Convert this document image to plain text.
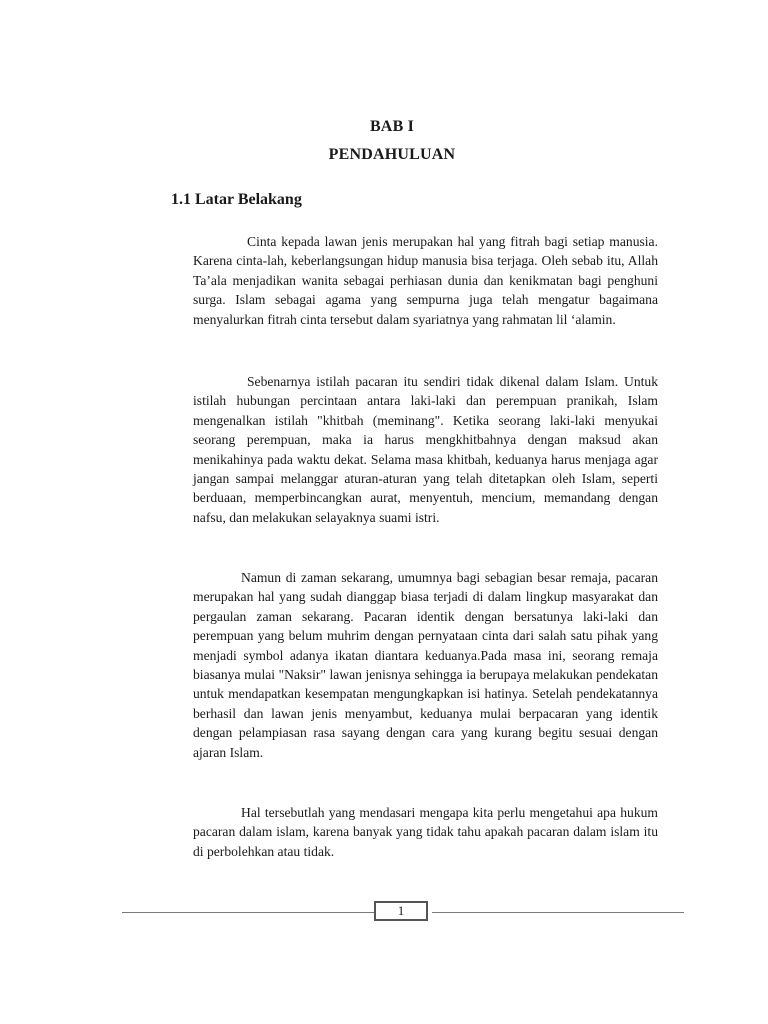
BAB I
PENDAHULUAN
1.1 Latar Belakang

Cinta kepada lawan jenis merupakan hal yang fitrah bagi setiap manusia. Karena cinta-lah, keberlangsungan hidup manusia bisa terjaga. Oleh sebab itu, Allah Ta’ala menjadikan wanita sebagai perhiasan dunia dan kenikmatan bagi penghuni surga. Islam sebagai agama yang sempurna juga telah mengatur bagaimana menyalurkan fitrah cinta tersebut dalam syariatnya yang rahmatan lil ‘alamin.

Sebenarnya istilah pacaran itu sendiri tidak dikenal dalam Islam. Untuk istilah hubungan percintaan antara laki-laki dan perempuan pranikah, Islam mengenalkan istilah "khitbah (meminang". Ketika seorang laki-laki menyukai seorang perempuan, maka ia harus mengkhitbahnya dengan maksud akan menikahinya pada waktu dekat. Selama masa khitbah, keduanya harus menjaga agar jangan sampai melanggar aturan-aturan yang telah ditetapkan oleh Islam, seperti berduaan, memperbincangkan aurat, menyentuh, mencium, memandang dengan nafsu, dan melakukan selayaknya suami istri.

Namun di zaman sekarang, umumnya bagi sebagian besar remaja, pacaran merupakan hal yang sudah dianggap biasa terjadi di dalam lingkup masyarakat dan pergaulan zaman sekarang. Pacaran identik dengan bersatunya laki-laki dan perempuan yang belum muhrim dengan pernyataan cinta dari salah satu pihak yang menjadi symbol adanya ikatan diantara keduanya.Pada masa ini, seorang remaja biasanya mulai "Naksir" lawan jenisnya sehingga ia berupaya melakukan pendekatan untuk mendapatkan kesempatan mengungkapkan isi hatinya. Setelah pendekatannya berhasil dan lawan jenis menyambut, keduanya mulai berpacaran yang identik dengan pelampiasan rasa sayang dengan cara yang kurang begitu sesuai dengan ajaran Islam.

Hal tersebutlah yang mendasari mengapa kita perlu mengetahui apa hukum pacaran dalam islam, karena banyak yang tidak tahu apakah pacaran dalam islam itu di perbolehkan atau tidak.

1
